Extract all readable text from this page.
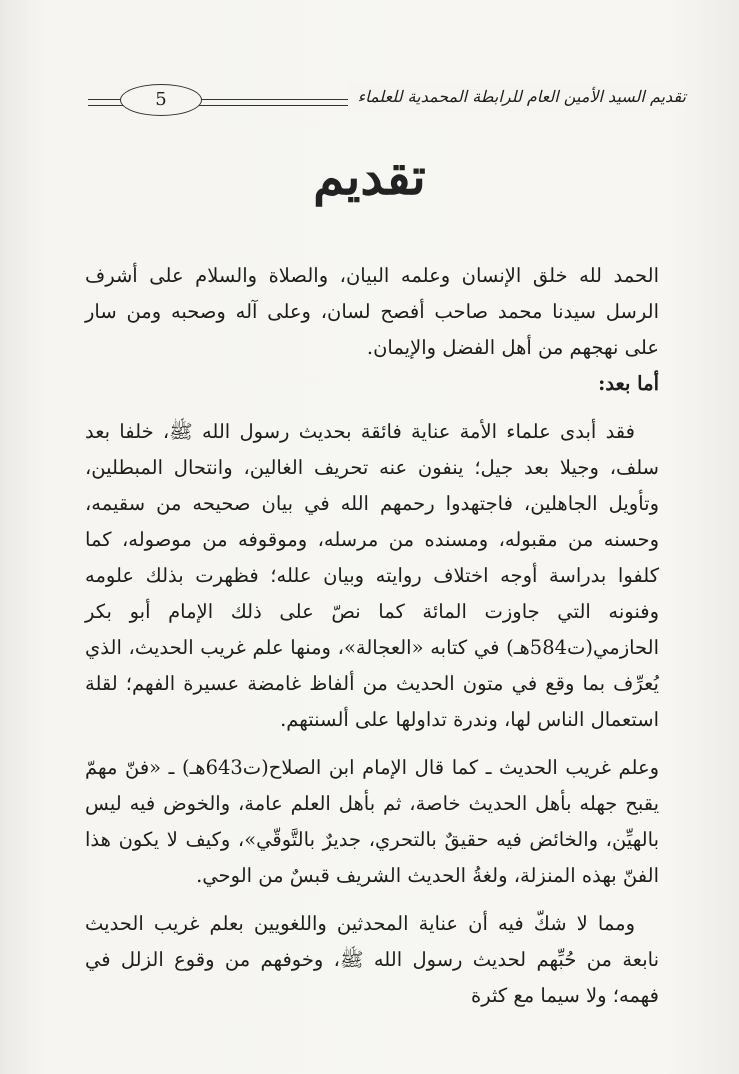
5	تقديم السيد الأمين العام للرابطة المحمدية للعلماء
تقديم

الحمد لله خلق الإنسان وعلمه البيان، والصلاة والسلام على أشرف الرسل سيدنا محمد صاحب أفصح لسان، وعلى آله وصحبه ومن سار على نهجهم من أهل الفضل والإيمان.

أما بعد:

فقد أبدى علماء الأمة عناية فائقة بحديث رسول الله ﷺ، خلفا بعد سلف، وجيلا بعد جيل؛ ينفون عنه تحريف الغالين، وانتحال المبطلين، وتأويل الجاهلين، فاجتهدوا رحمهم الله في بيان صحيحه من سقيمه، وحسنه من مقبوله، ومسنده من مرسله، وموقوفه من موصوله، كما كلفوا بدراسة أوجه اختلاف روايته وبيان علله؛ فظهرت بذلك علومه وفنونه التي جاوزت المائة كما نصّ على ذلك الإمام أبو بكر الحازمي(ت584هـ) في كتابه «العجالة»، ومنها علم غريب الحديث، الذي يُعرِّف بما وقع في متون الحديث من ألفاظ غامضة عسيرة الفهم؛ لقلة استعمال الناس لها، وندرة تداولها على ألسنتهم.

وعلم غريب الحديث ـ كما قال الإمام ابن الصلاح(ت643هـ) ـ «فنّ مهمّ يقبح جهله بأهل الحديث خاصة، ثم بأهل العلم عامة، والخوض فيه ليس بالهيِّن، والخائض فيه حقيقٌ بالتحري، جديرٌ بالتَّوقّي»، وكيف لا يكون هذا الفنّ بهذه المنزلة، ولغةُ الحديث الشريف قبسٌ من الوحي.

ومما لا شكّ فيه أن عناية المحدثين واللغويين بعلم غريب الحديث نابعة من حُبِّهم لحديث رسول الله ﷺ، وخوفهم من وقوع الزلل في فهمه؛ ولا سيما مع كثرة
